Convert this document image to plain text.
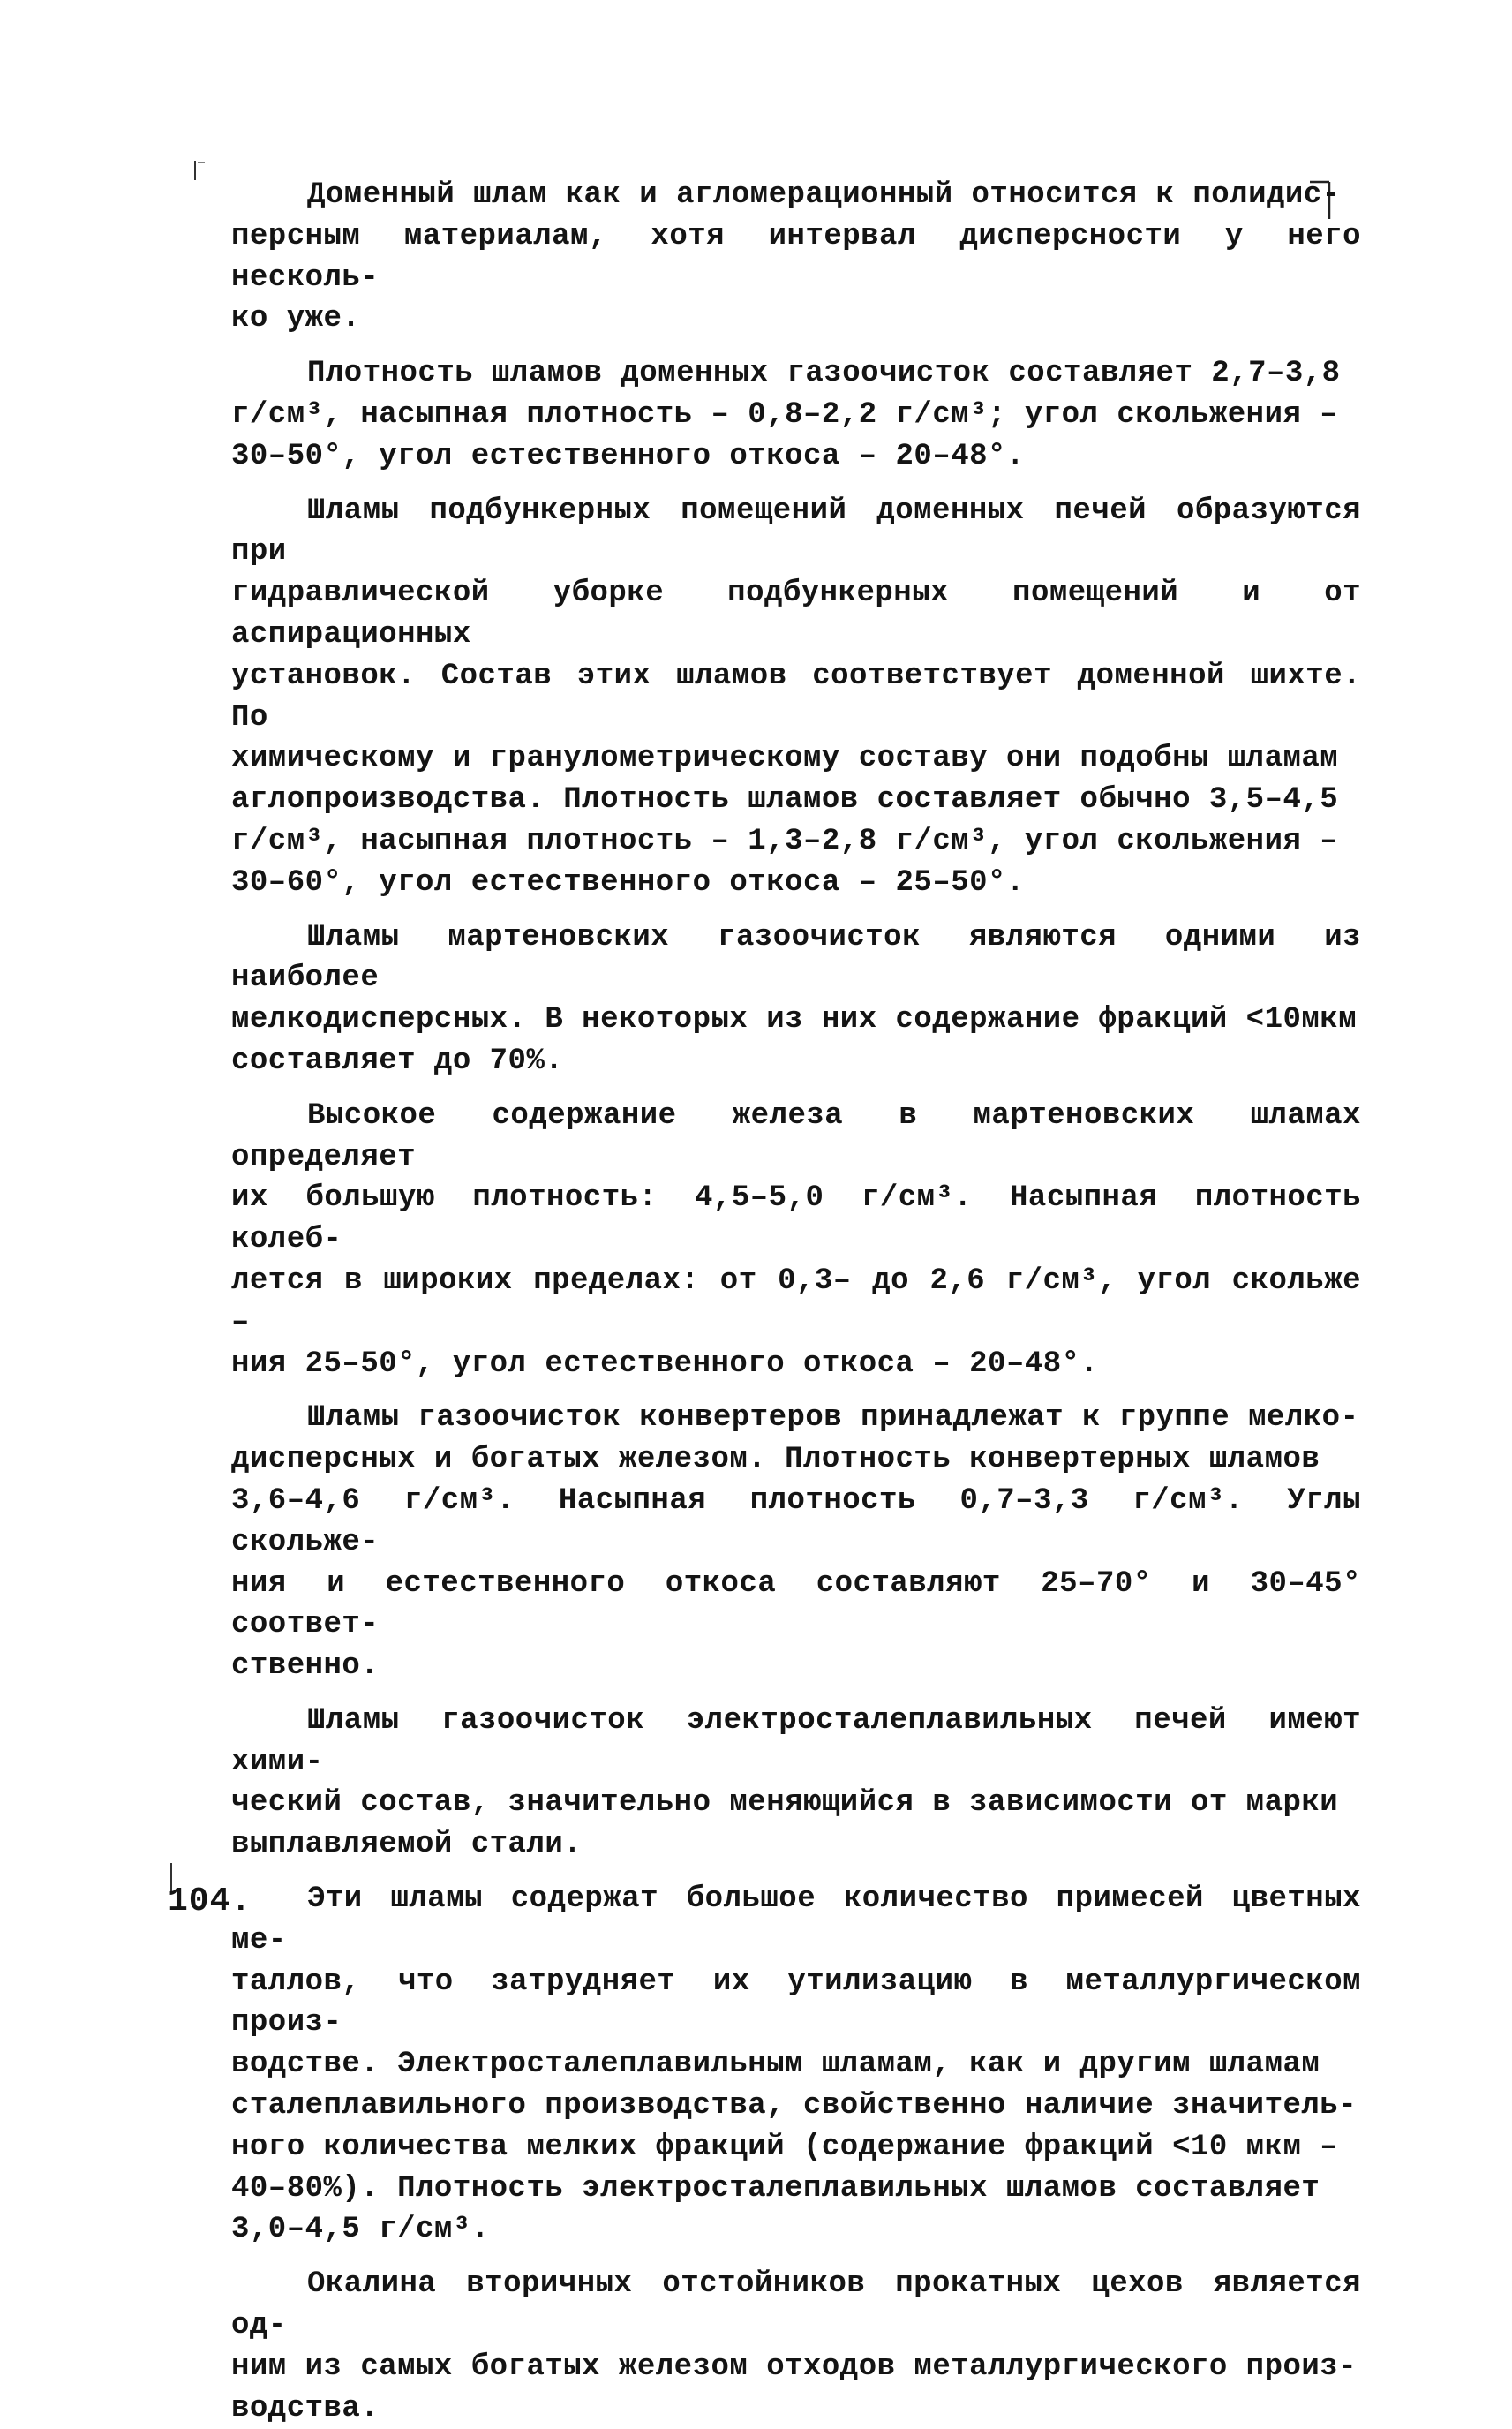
Доменный шлам как и агломерационный относится к полидис-
персным материалам, хотя интервал дисперсности у него несколь-
ко уже.

Плотность шламов доменных газоочисток составляет 2,7–3,8
г/см³, насыпная плотность – 0,8–2,2 г/см³; угол скольжения –
30–50°, угол естественного откоса – 20–48°.

Шламы подбункерных помещений доменных печей образуются при
гидравлической уборке подбункерных помещений и от аспирационных
установок. Состав этих шламов соответствует доменной шихте. По
химическому и гранулометрическому составу они подобны шламам
аглопроизводства. Плотность шламов составляет обычно 3,5–4,5
г/см³, насыпная плотность – 1,3–2,8 г/см³, угол скольжения –
30–60°, угол естественного откоса – 25–50°.

Шламы мартеновских газоочисток являются одними из наиболее
мелкодисперсных. В некоторых из них содержание фракций <10мкм
составляет до 70%.

Высокое содержание железа в мартеновских шламах определяет
их большую плотность: 4,5–5,0 г/см³. Насыпная плотность колеб-
лется в широких пределах: от 0,3– до 2,6 г/см³, угол скольже –
ния 25–50°, угол естественного откоса – 20–48°.

Шламы газоочисток конвертеров принадлежат к группе мелко-
дисперсных и богатых железом. Плотность конвертерных шламов
3,6–4,6 г/см³. Насыпная плотность 0,7–3,3 г/см³. Углы скольже-
ния и естественного откоса составляют 25–70° и 30–45° соответ-
ственно.

Шламы газоочисток электросталеплавильных печей имеют хими-
ческий состав, значительно меняющийся в зависимости от марки
выплавляемой стали.

Эти шламы содержат большое количество примесей цветных ме-
таллов, что затрудняет их утилизацию в металлургическом произ-
водстве. Электросталеплавильным шламам, как и другим шламам
сталеплавильного производства, свойственно наличие значитель-
ного количества мелких фракций (содержание фракций <10 мкм –
40–80%). Плотность электросталеплавильных шламов составляет
3,0–4,5 г/см³.

Окалина вторичных отстойников прокатных цехов является од-
ним из самых богатых железом отходов металлургического произ-
водства.

104.
